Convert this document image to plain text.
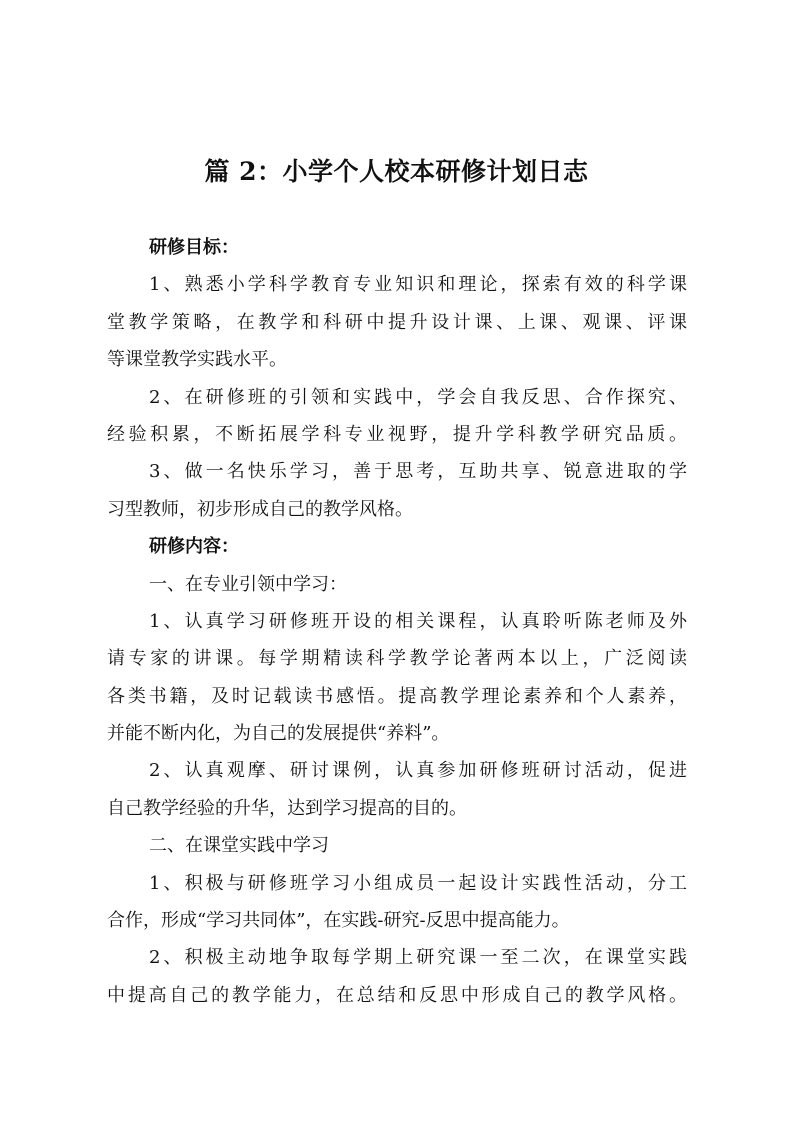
篇 2：小学个人校本研修计划日志
研修目标：
1、熟悉小学科学教育专业知识和理论，探索有效的科学课
堂教学策略，在教学和科研中提升设计课、上课、观课、评课
等课堂教学实践水平。
2、在研修班的引领和实践中，学会自我反思、合作探究、
经验积累，不断拓展学科专业视野，提升学科教学研究品质。
3、做一名快乐学习，善于思考，互助共享、锐意进取的学
习型教师，初步形成自己的教学风格。
研修内容：
一、在专业引领中学习：
1、认真学习研修班开设的相关课程，认真聆听陈老师及外
请专家的讲课。每学期精读科学教学论著两本以上，广泛阅读
各类书籍，及时记载读书感悟。提高教学理论素养和个人素养，
并能不断内化，为自己的发展提供“养料”。
2、认真观摩、研讨课例，认真参加研修班研讨活动，促进
自己教学经验的升华，达到学习提高的目的。
二、在课堂实践中学习
1、积极与研修班学习小组成员一起设计实践性活动，分工
合作，形成“学习共同体”，在实践-研究-反思中提高能力。
2、积极主动地争取每学期上研究课一至二次，在课堂实践
中提高自己的教学能力，在总结和反思中形成自己的教学风格。
